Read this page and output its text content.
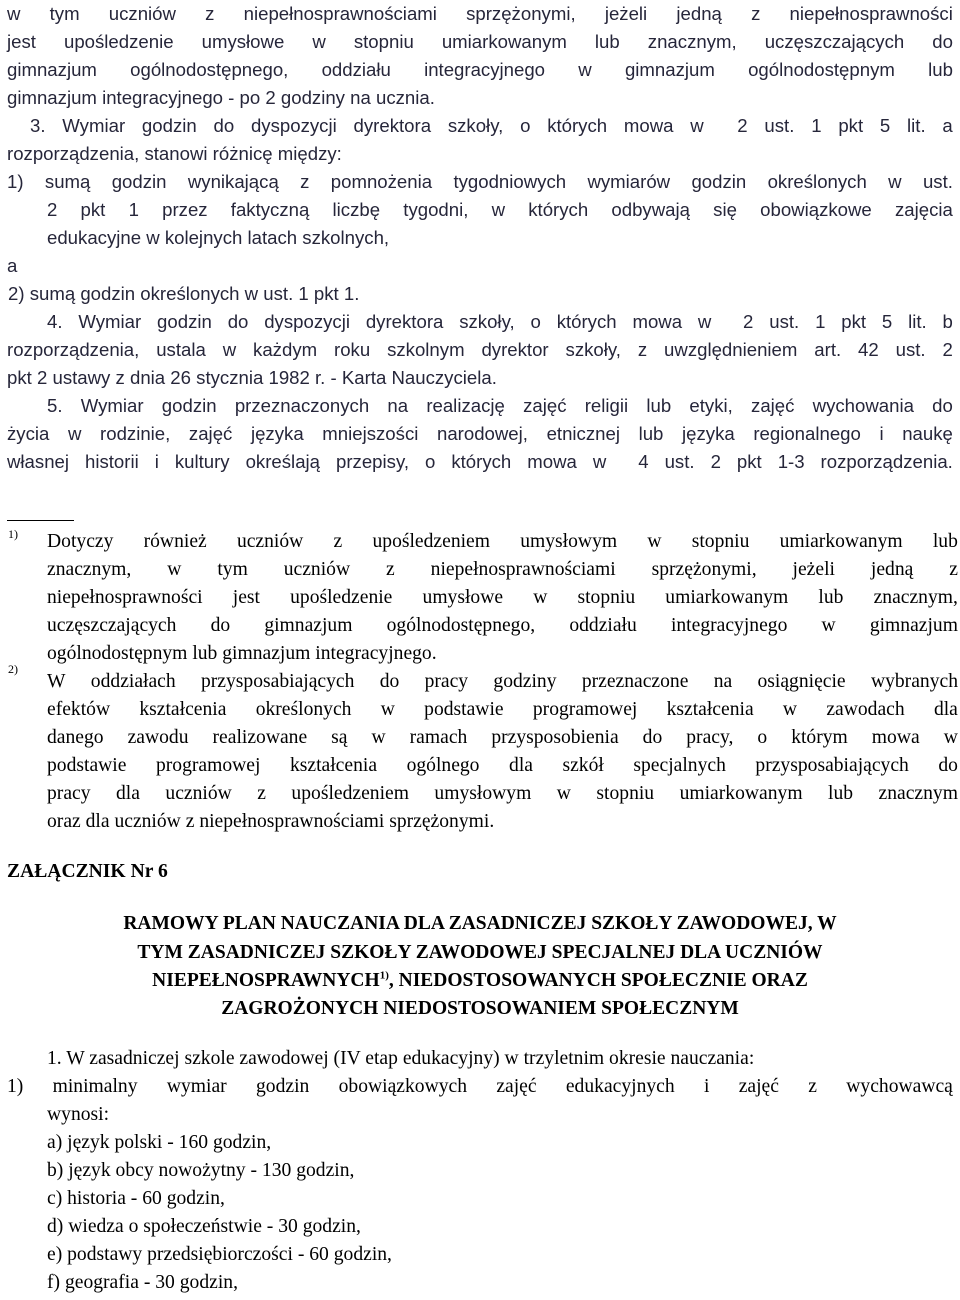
w tym uczniów z niepełnosprawnościami sprzężonymi, jeżeli jedną z niepełnosprawności
jest upośledzenie umysłowe w stopniu umiarkowanym lub znacznym, uczęszczających do
gimnazjum ogólnodostępnego, oddziału integracyjnego w gimnazjum ogólnodostępnym lub
gimnazjum integracyjnego - po 2 godziny na ucznia.
3. Wymiar godzin do dyspozycji dyrektora szkoły, o których mowa w 2 ust. 1 pkt 5 lit. a
rozporządzenia, stanowi różnicę między:
1) sumą godzin wynikającą z pomnożenia tygodniowych wymiarów godzin określonych w ust.
2 pkt 1 przez faktyczną liczbę tygodni, w których odbywają się obowiązkowe zajęcia
edukacyjne w kolejnych latach szkolnych,
a
2) sumą godzin określonych w ust. 1 pkt 1.
4. Wymiar godzin do dyspozycji dyrektora szkoły, o których mowa w 2 ust. 1 pkt 5 lit. b
rozporządzenia, ustala w każdym roku szkolnym dyrektor szkoły, z uwzględnieniem art. 42 ust. 2
pkt 2 ustawy z dnia 26 stycznia 1982 r. - Karta Nauczyciela.
5. Wymiar godzin przeznaczonych na realizację zajęć religii lub etyki, zajęć wychowania do
życia w rodzinie, zajęć języka mniejszości narodowej, etnicznej lub języka regionalnego i naukę
własnej historii i kultury określają przepisy, o których mowa w 4 ust. 2 pkt 1-3 rozporządzenia.
1) Dotyczy również uczniów z upośledzeniem umysłowym w stopniu umiarkowanym lub
znacznym, w tym uczniów z niepełnosprawnościami sprzężonymi, jeżeli jedną z
niepełnosprawności jest upośledzenie umysłowe w stopniu umiarkowanym lub znacznym,
uczęszczających do gimnazjum ogólnodostępnego, oddziału integracyjnego w gimnazjum
ogólnodostępnym lub gimnazjum integracyjnego.
2)
W oddziałach przysposabiających do pracy godziny przeznaczone na osiągnięcie wybranych
efektów kształcenia określonych w podstawie programowej kształcenia w zawodach dla
danego zawodu realizowane są w ramach przysposobienia do pracy, o którym mowa w
podstawie programowej kształcenia ogólnego dla szkół specjalnych przysposabiających do
pracy dla uczniów z upośledzeniem umysłowym w stopniu umiarkowanym lub znacznym
oraz dla uczniów z niepełnosprawnościami sprzężonymi.
ZAŁĄCZNIK Nr 6
RAMOWY PLAN NAUCZANIA DLA ZASADNICZEJ SZKOŁY ZAWODOWEJ, W
TYM ZASADNICZEJ SZKOŁY ZAWODOWEJ SPECJALNEJ DLA UCZNIÓW
NIEPEŁNOSPRAWNYCH$^{1)}$, NIEDOSTOSOWANYCH SPOŁECZNIE ORAZ
ZAGROŻONYCH NIEDOSTOSOWANIEM SPOŁECZNYM
1. W zasadniczej szkole zawodowej (IV etap edukacyjny) w trzyletnim okresie nauczania:
1) minimalny wymiar godzin obowiązkowych zajęć edukacyjnych i zajęć z wychowawcą
wynosi:
a) język polski - 160 godzin,
b) język obcy nowożytny - 130 godzin,
c) historia - 60 godzin,
d) wiedza o społeczeństwie - 30 godzin,
e) podstawy przedsiębiorczości - 60 godzin,
f) geografia - 30 godzin,
